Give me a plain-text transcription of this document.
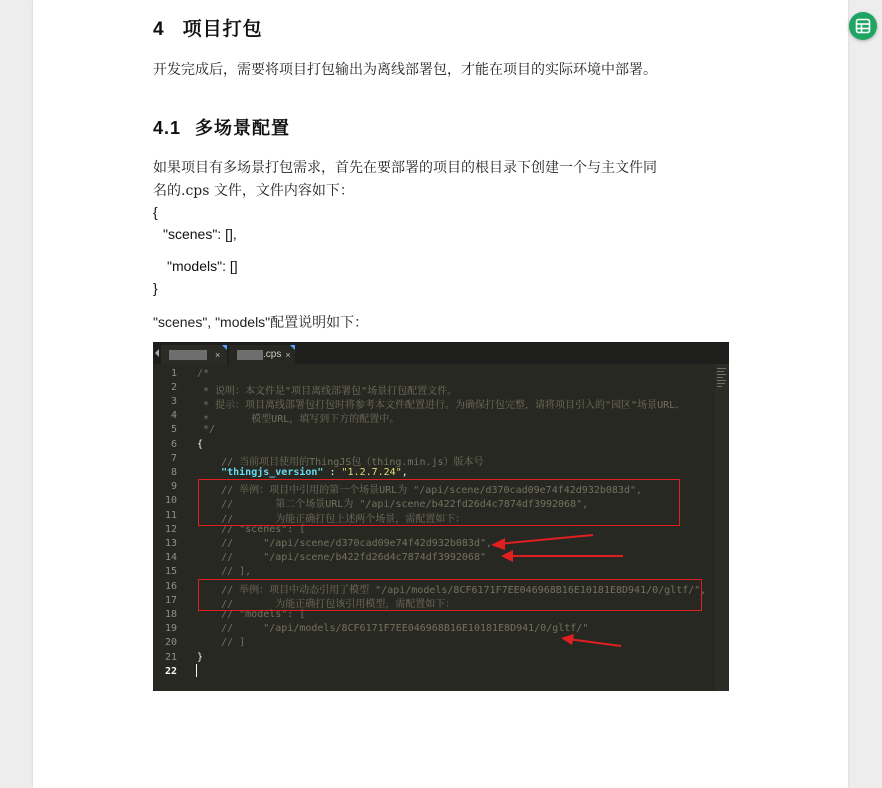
4 项目打包
开发完成后，需要将项目打包输出为离线部署包，才能在项目的实际环境中部署。
4.1 多场景配置
如果项目有多场景打包需求，首先在要部署的项目的根目录下创建一个与主文件同
名的.cps 文件，文件内容如下：
{
"scenes": [],
"models": []
}
"scenes", "models"配置说明如下：
×	.cps ×
1
2
3
4
5
6
7
8
9
10
11
12
13
14
15
16
17
18
19
20
21
22
/*
* 说明：本文件是"项目离线部署包"场景打包配置文件。
* 提示：项目离线部署包打包时将参考本文件配置进行。为确保打包完整，请将项目引入的"园区"场景URL、
*       模型URL，填写到下方的配置中。
*/
{
// 当前项目使用的ThingJS包（thing.min.js）版本号
"thingjs_version" : "1.2.7.24",
// 举例：项目中引用的第一个场景URL为 "/api/scene/d370cad09e74f42d932b083d",
//       第二个场景URL为 "/api/scene/b422fd26d4c7874df3992068",
//       为能正确打包上述两个场景，需配置如下：
// "scenes": [
//     "/api/scene/d370cad09e74f42d932b083d",
//     "/api/scene/b422fd26d4c7874df3992068"
// ],
// 举例：项目中动态引用了模型 "/api/models/8CF6171F7EE046968B16E10181E8D941/0/gltf/",
//       为能正确打包该引用模型，需配置如下：
// "models": [
//     "/api/models/8CF6171F7EE046968B16E10181E8D941/0/gltf/"
// ]
}
